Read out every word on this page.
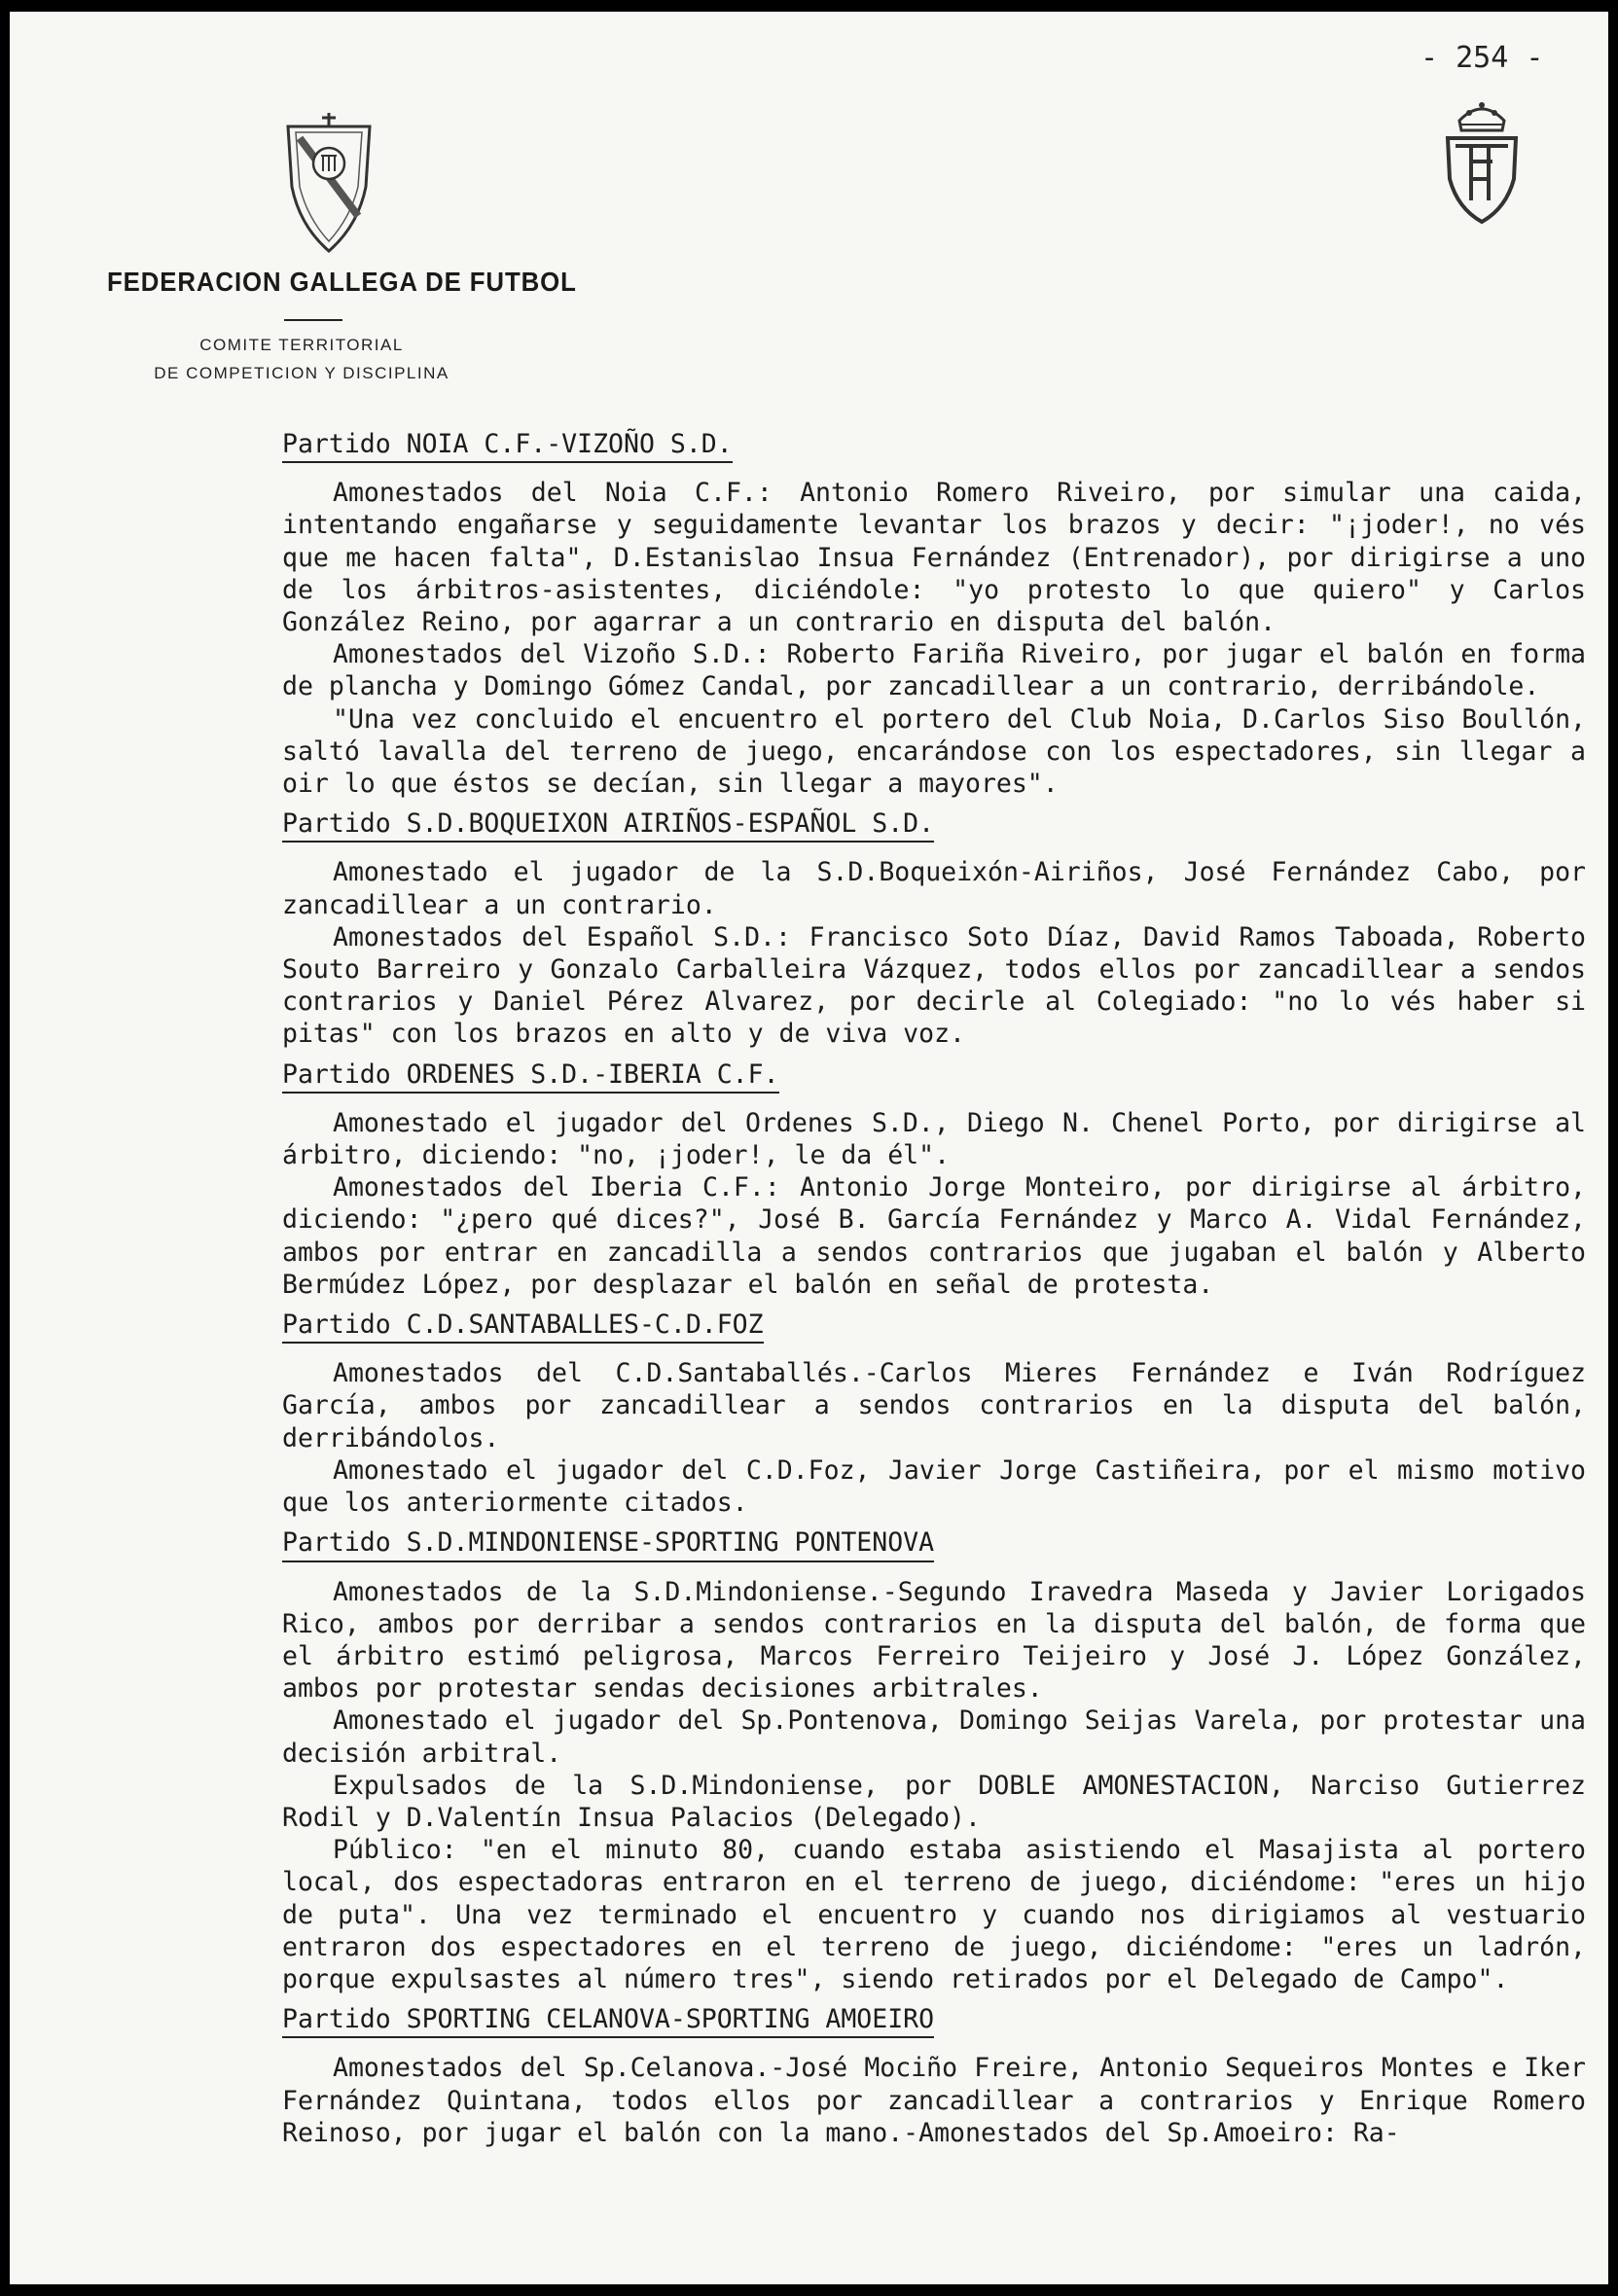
- 254 -
FEDERACION GALLEGA DE FUTBOL
COMITE TERRITORIAL
DE COMPETICION Y DISCIPLINA
Partido NOIA C.F.-VIZOÑO S.D.

Amonestados del Noia C.F.: Antonio Romero Riveiro, por simular una caida, intentando engañarse y seguidamente levantar los brazos y decir: "¡joder!, no vés que me hacen falta", D.Estanislao Insua Fernández (Entrenador), por dirigirse a uno de los árbitros-asistentes, diciéndole: "yo protesto lo que quiero" y Carlos González Reino, por agarrar a un contrario en disputa del balón.

Amonestados del Vizoño S.D.: Roberto Fariña Riveiro, por jugar el balón en forma de plancha y Domingo Gómez Candal, por zancadillear a un contrario, derribándole.

"Una vez concluido el encuentro el portero del Club Noia, D.Carlos Siso Boullón, saltó lavalla del terreno de juego, encarándose con los espectadores, sin llegar a oir lo que éstos se decían, sin llegar a mayores".

Partido S.D.BOQUEIXON AIRIÑOS-ESPAÑOL S.D.

Amonestado el jugador de la S.D.Boqueixón-Airiños, José Fernández Cabo, por zancadillear a un contrario.

Amonestados del Español S.D.: Francisco Soto Díaz, David Ramos Taboada, Roberto Souto Barreiro y Gonzalo Carballeira Vázquez, todos ellos por zancadillear a sendos contrarios y Daniel Pérez Alvarez, por decirle al Colegiado: "no lo vés haber si pitas" con los brazos en alto y de viva voz.

Partido ORDENES S.D.-IBERIA C.F.

Amonestado el jugador del Ordenes S.D., Diego N. Chenel Porto, por dirigirse al árbitro, diciendo: "no, ¡joder!, le da él".

Amonestados del Iberia C.F.: Antonio Jorge Monteiro, por dirigirse al árbitro, diciendo: "¿pero qué dices?", José B. García Fernández y Marco A. Vidal Fernández, ambos por entrar en zancadilla a sendos contrarios que jugaban el balón y Alberto Bermúdez López, por desplazar el balón en señal de protesta.

Partido C.D.SANTABALLES-C.D.FOZ

Amonestados del C.D.Santaballés.-Carlos Mieres Fernández e Iván Rodríguez García, ambos por zancadillear a sendos contrarios en la disputa del balón, derribándolos.

Amonestado el jugador del C.D.Foz, Javier Jorge Castiñeira, por el mismo motivo que los anteriormente citados.

Partido S.D.MINDONIENSE-SPORTING PONTENOVA

Amonestados de la S.D.Mindoniense.-Segundo Iravedra Maseda y Javier Lorigados Rico, ambos por derribar a sendos contrarios en la disputa del balón, de forma que el árbitro estimó peligrosa, Marcos Ferreiro Teijeiro y José J. López González, ambos por protestar sendas decisiones arbitrales.

Amonestado el jugador del Sp.Pontenova, Domingo Seijas Varela, por protestar una decisión arbitral.

Expulsados de la S.D.Mindoniense, por DOBLE AMONESTACION, Narciso Gutierrez Rodil y D.Valentín Insua Palacios (Delegado).

Público: "en el minuto 80, cuando estaba asistiendo el Masajista al portero local, dos espectadoras entraron en el terreno de juego, diciéndome: "eres un hijo de puta". Una vez terminado el encuentro y cuando nos dirigiamos al vestuario entraron dos espectadores en el terreno de juego, diciéndome: "eres un ladrón, porque expulsastes al número tres", siendo retirados por el Delegado de Campo".

Partido SPORTING CELANOVA-SPORTING AMOEIRO

Amonestados del Sp.Celanova.-José Mociño Freire, Antonio Sequeiros Montes e Iker Fernández Quintana, todos ellos por zancadillear a contrarios y Enrique Romero Reinoso, por jugar el balón con la mano.-Amonestados del Sp.Amoeiro: Ra-
